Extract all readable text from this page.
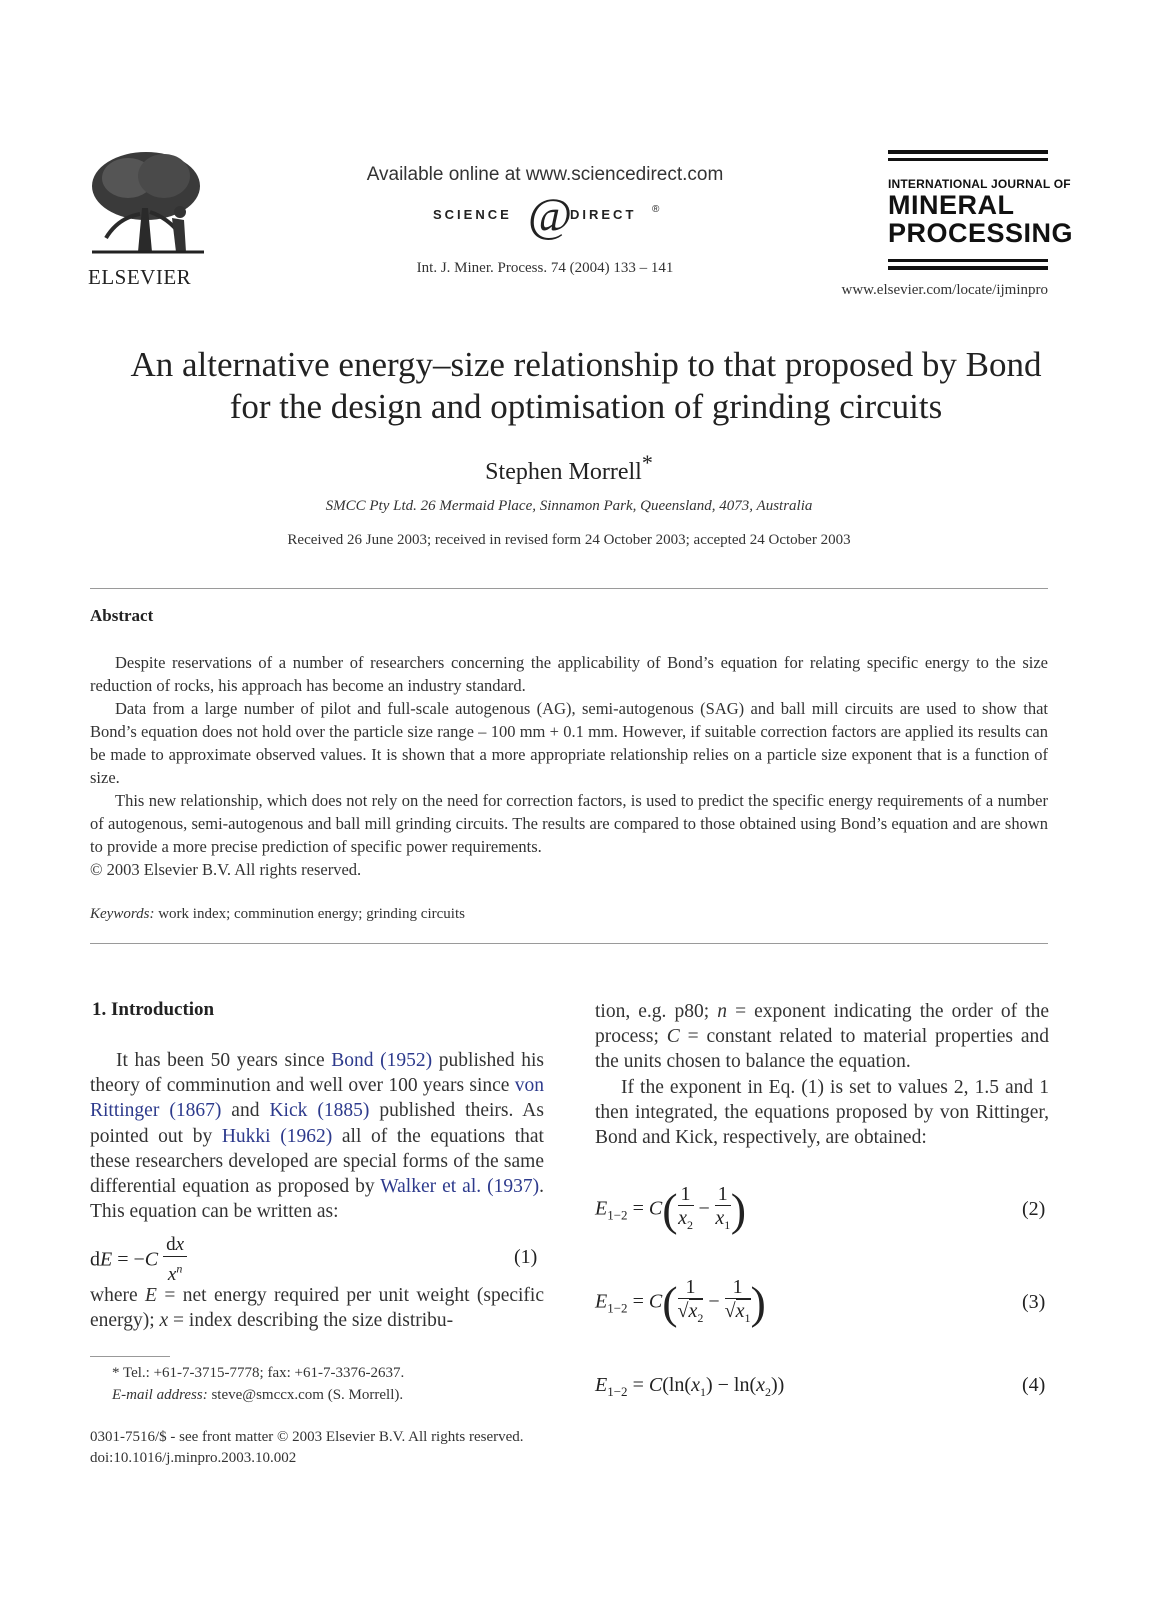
ELSEVIER
Available online at www.sciencedirect.com
SCIENCE @
DIRECT ®
Int. J. Miner. Process. 74 (2004) 133 – 141
INTERNATIONAL JOURNAL OF
MINERAL
PROCESSING
www.elsevier.com/locate/ijminpro
An alternative energy–size relationship to that proposed by Bond
for the design and optimisation of grinding circuits
Stephen Morrell*
SMCC Pty Ltd. 26 Mermaid Place, Sinnamon Park, Queensland, 4073, Australia
Received 26 June 2003; received in revised form 24 October 2003; accepted 24 October 2003
Abstract
Despite reservations of a number of researchers concerning the applicability of Bond’s equation for relating specific energy to the size reduction of rocks, his approach has become an industry standard.
Data from a large number of pilot and full-scale autogenous (AG), semi-autogenous (SAG) and ball mill circuits are used to show that Bond’s equation does not hold over the particle size range – 100 mm + 0.1 mm. However, if suitable correction factors are applied its results can be made to approximate observed values. It is shown that a more appropriate relationship relies on a particle size exponent that is a function of size.
This new relationship, which does not rely on the need for correction factors, is used to predict the specific energy requirements of a number of autogenous, semi-autogenous and ball mill grinding circuits. The results are compared to those obtained using Bond’s equation and are shown to provide a more precise prediction of specific power requirements.
© 2003 Elsevier B.V. All rights reserved.
Keywords: work index; comminution energy; grinding circuits
1. Introduction
It has been 50 years since Bond (1952) published his theory of comminution and well over 100 years since von Rittinger (1867) and Kick (1885) published theirs. As pointed out by Hukki (1962) all of the equations that these researchers developed are special forms of the same differential equation as proposed by Walker et al. (1937). This equation can be written as:
dE = $-C \frac{dx}{x^n}$	(1)
where E = net energy required per unit weight (specific energy); x = index describing the size distribu-
* Tel.: +61-7-3715-7778; fax: +61-7-3376-2637.
E-mail address: steve@smccx.com (S. Morrell).
0301-7516/$ - see front matter © 2003 Elsevier B.V. All rights reserved.
doi:10.1016/j.minpro.2003.10.002
tion, e.g. p80; n = exponent indicating the order of the process; C = constant related to material properties and the units chosen to balance the equation.
If the exponent in Eq. (1) is set to values 2, 1.5 and 1 then integrated, the equations proposed by von Rittinger, Bond and Kick, respectively, are obtained:
$E_{1-2} = C( \frac{1}{x_2} - \frac{1}{x_1}$ )	(2)
$E_{1-2} = C( \frac{1}{√x_2} - \frac{1}{√x_1}$ )	(3)
$E_{1-2} = C(\ln(x_1) - \ln(x_2))$	(4)
